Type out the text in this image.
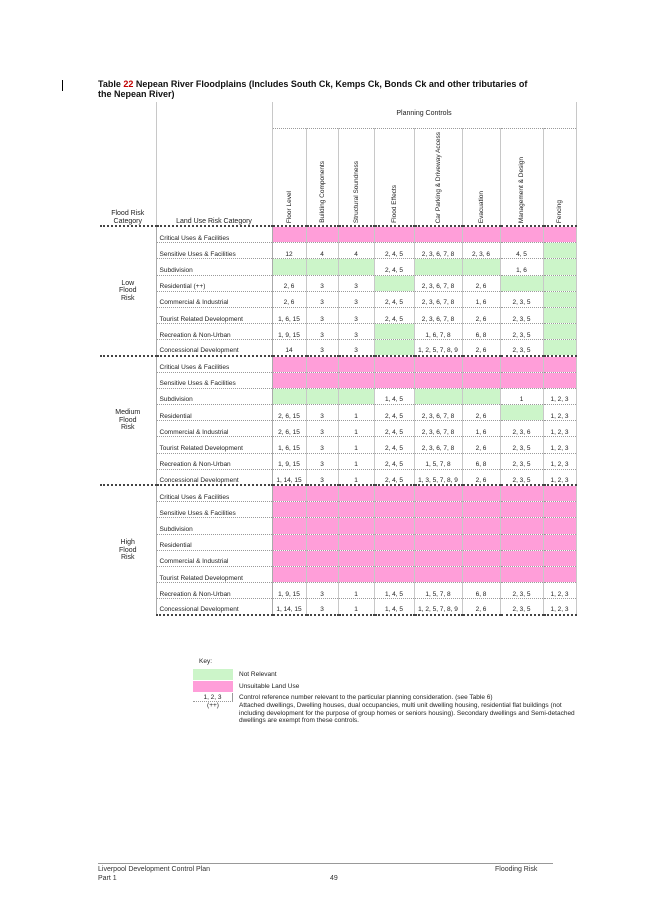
Table 22 Nepean River Floodplains (Includes South Ck, Kemps Ck, Bonds Ck and other tributaries of the Nepean River)
Flood Risk Category	Land Use Risk Category	Planning Controls							
		Floor Level	Building Components	Structural Soundness	Flood Effects	Car Parking & Driveway Access	Evacuation	Management & Design	Fencing
Low Flood Risk	Critical Uses & Facilities								
	Sensitive Uses & Facilities	12	4	4	2, 4, 5	2, 3, 6, 7, 8	2, 3, 6	4, 5	
	Subdivision				2, 4, 5			1, 6	
	Residential (++)	2, 6	3	3		2, 3, 6, 7, 8	2, 6		
	Commercial & Industrial	2, 6	3	3	2, 4, 5	2, 3, 6, 7, 8	1, 6	2, 3, 5	
	Tourist Related Development	1, 6, 15	3	3	2, 4, 5	2, 3, 6, 7, 8	2, 6	2, 3, 5	
	Recreation & Non-Urban	1, 9, 15	3	3		1, 6, 7, 8	6, 8	2, 3, 5	
	Concessional Development	14	3	3		1, 2, 5, 7, 8, 9	2, 6	2, 3, 5	
Medium Flood Risk	Critical Uses & Facilities								
	Sensitive Uses & Facilities								
	Subdivision				1, 4, 5			1	1, 2, 3
	Residential	2, 6, 15	3	1	2, 4, 5	2, 3, 6, 7, 8	2, 6		1, 2, 3
	Commercial & Industrial	2, 6, 15	3	1	2, 4, 5	2, 3, 6, 7, 8	1, 6	2, 3, 6	1, 2, 3
	Tourist Related Development	1, 6, 15	3	1	2, 4, 5	2, 3, 6, 7, 8	2, 6	2, 3, 5	1, 2, 3
	Recreation & Non-Urban	1, 9, 15	3	1	2, 4, 5	1, 5, 7, 8	6, 8	2, 3, 5	1, 2, 3
	Concessional Development	1, 14, 15	3	1	2, 4, 5	1, 3, 5, 7, 8, 9	2, 6	2, 3, 5	1, 2, 3
High Flood Risk	Critical Uses & Facilities								
	Sensitive Uses & Facilities								
	Subdivision								
	Residential								
	Commercial & Industrial								
	Tourist Related Development								
	Recreation & Non-Urban	1, 9, 15	3	1	1, 4, 5	1, 5, 7, 8	6, 8	2, 3, 5	1, 2, 3
	Concessional Development	1, 14, 15	3	1	1, 4, 5	1, 2, 5, 7, 8, 9	2, 6	2, 3, 5	1, 2, 3
Key:
Not Relevant
Unsuitable Land Use
1, 2, 3	Control reference number relevant to the particular planning consideration. (see Table 6)
(++)	Attached dwellings, Dwelling houses, dual occupancies, multi unit dwelling housing, residential flat buildings (not including development for the purpose of group homes or seniors housing). Secondary dwellings and Semi-detached dwellings are exempt from these controls.
Liverpool Development Control Plan
Part 1	49
Flooding Risk
